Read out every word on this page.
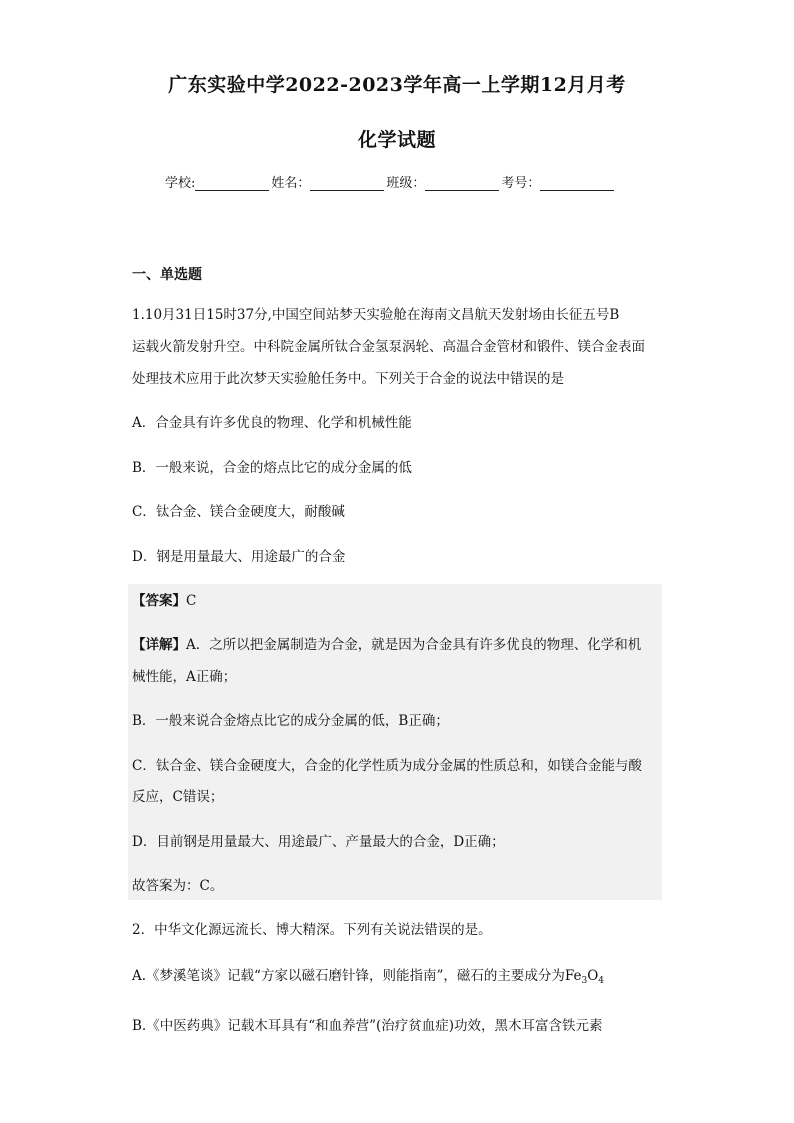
广东实验中学2022-2023学年高一上学期12月月考
化学试题
学校:	姓名：	班级：	考号：
一、单选题
1.10月31日15时37分,中国空间站梦天实验舱在海南文昌航天发射场由长征五号B
运载火箭发射升空。中科院金属所钛合金氢泵涡轮、高温合金管材和锻件、镁合金表面
处理技术应用于此次梦天实验舱任务中。下列关于合金的说法中错误的是
A．合金具有许多优良的物理、化学和机械性能
B．一般来说，合金的熔点比它的成分金属的低
C．钛合金、镁合金硬度大，耐酸碱
D．钢是用量最大、用途最广的合金
【答案】C
【详解】A．之所以把金属制造为合金，就是因为合金具有许多优良的物理、化学和机
械性能，A正确；
B．一般来说合金熔点比它的成分金属的低，B正确；
C．钛合金、镁合金硬度大，合金的化学性质为成分金属的性质总和，如镁合金能与酸
反应，C错误；
D．目前钢是用量最大、用途最广、产量最大的合金，D正确；
故答案为：C。
2．中华文化源远流长、博大精深。下列有关说法错误的是。
A.《梦溪笔谈》记载“方家以磁石磨针锋，则能指南”，磁石的主要成分为$Fe_3O_4$
B.《中医药典》记载木耳具有“和血养营”(治疗贫血症)功效，黑木耳富含铁元素
